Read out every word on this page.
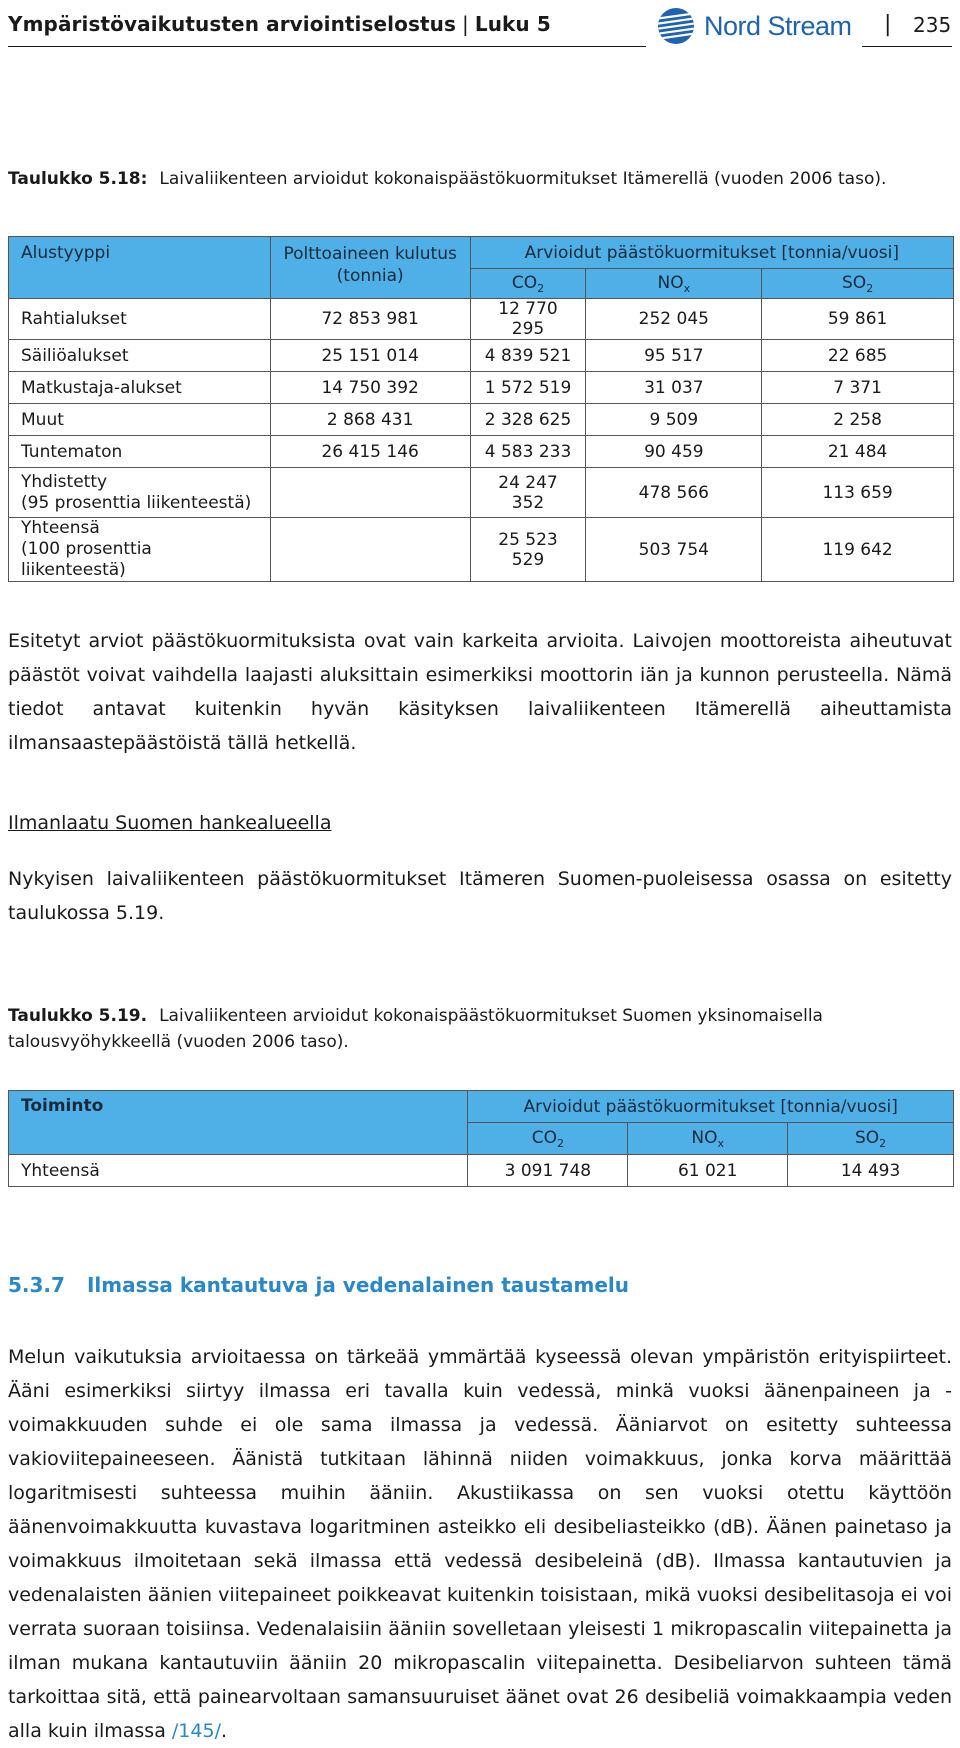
Ympäristövaikutusten arviointiselostus | Luku 5	Nord Stream | 235
Taulukko 5.18: Laivaliikenteen arvioidut kokonaispäästökuormitukset Itämerellä (vuoden 2006 taso).
Alustyyppi	Polttoaineen kulutus (tonnia)	Arvioidut päästökuormitukset [tonnia/vuosi]		
		$CO_2$	$NO_x$	$SO_2$
Rahtialukset	72 853 981	12 770 295	252 045	59 861
Säiliöalukset	25 151 014	4 839 521	95 517	22 685
Matkustaja-alukset	14 750 392	1 572 519	31 037	7 371
Muut	2 868 431	2 328 625	9 509	2 258
Tuntematon	26 415 146	4 583 233	90 459	21 484
Yhdistetty
(95 prosenttia liikenteestä)		24 247 352	478 566	113 659
Yhteensä
(100 prosenttia liikenteestä)		25 523 529	503 754	119 642
Esitetyt arviot päästökuormituksista ovat vain karkeita arvioita. Laivojen moottoreista aiheutuvat päästöt voivat vaihdella laajasti aluksittain esimerkiksi moottorin iän ja kunnon perusteella. Nämä tiedot antavat kuitenkin hyvän käsityksen laivaliikenteen Itämerellä aiheuttamista ilmansaastepäästöistä tällä hetkellä.
Ilmanlaatu Suomen hankealueella
Nykyisen laivaliikenteen päästökuormitukset Itämeren Suomen-puoleisessa osassa on esitetty taulukossa 5.19.
Taulukko 5.19. Laivaliikenteen arvioidut kokonaispäästökuormitukset Suomen yksinomaisella talousvyöhykkeellä (vuoden 2006 taso).
Toiminto	Arvioidut päästökuormitukset [tonnia/vuosi]		
	$CO_2$	$NO_x$	$SO_2$
Yhteensä	3 091 748	61 021	14 493
5.3.7 Ilmassa kantautuva ja vedenalainen taustamelu
Melun vaikutuksia arvioitaessa on tärkeää ymmärtää kyseessä olevan ympäristön erityispiirteet. Ääni esimerkiksi siirtyy ilmassa eri tavalla kuin vedessä, minkä vuoksi äänenpaineen ja -voimakkuuden suhde ei ole sama ilmassa ja vedessä. Ääniarvot on esitetty suhteessa vakioviitepaineeseen. Äänistä tutkitaan lähinnä niiden voimakkuus, jonka korva määrittää logaritmisesti suhteessa muihin ääniin. Akustiikassa on sen vuoksi otettu käyttöön äänenvoimakkuutta kuvastava logaritminen asteikko eli desibeliasteikko (dB). Äänen painetaso ja voimakkuus ilmoitetaan sekä ilmassa että vedessä desibeleinä (dB). Ilmassa kantautuvien ja vedenalaisten äänien viitepaineet poikkeavat kuitenkin toisistaan, mikä vuoksi desibelitasoja ei voi verrata suoraan toisiinsa. Vedenalaisiin ääniin sovelletaan yleisesti 1 mikropascalin viitepainetta ja ilman mukana kantautuviin ääniin 20 mikropascalin viitepainetta. Desibeliarvon suhteen tämä tarkoittaa sitä, että painearvoltaan samansuuruiset äänet ovat 26 desibeliä voimakkaampia veden alla kuin ilmassa /145/.
